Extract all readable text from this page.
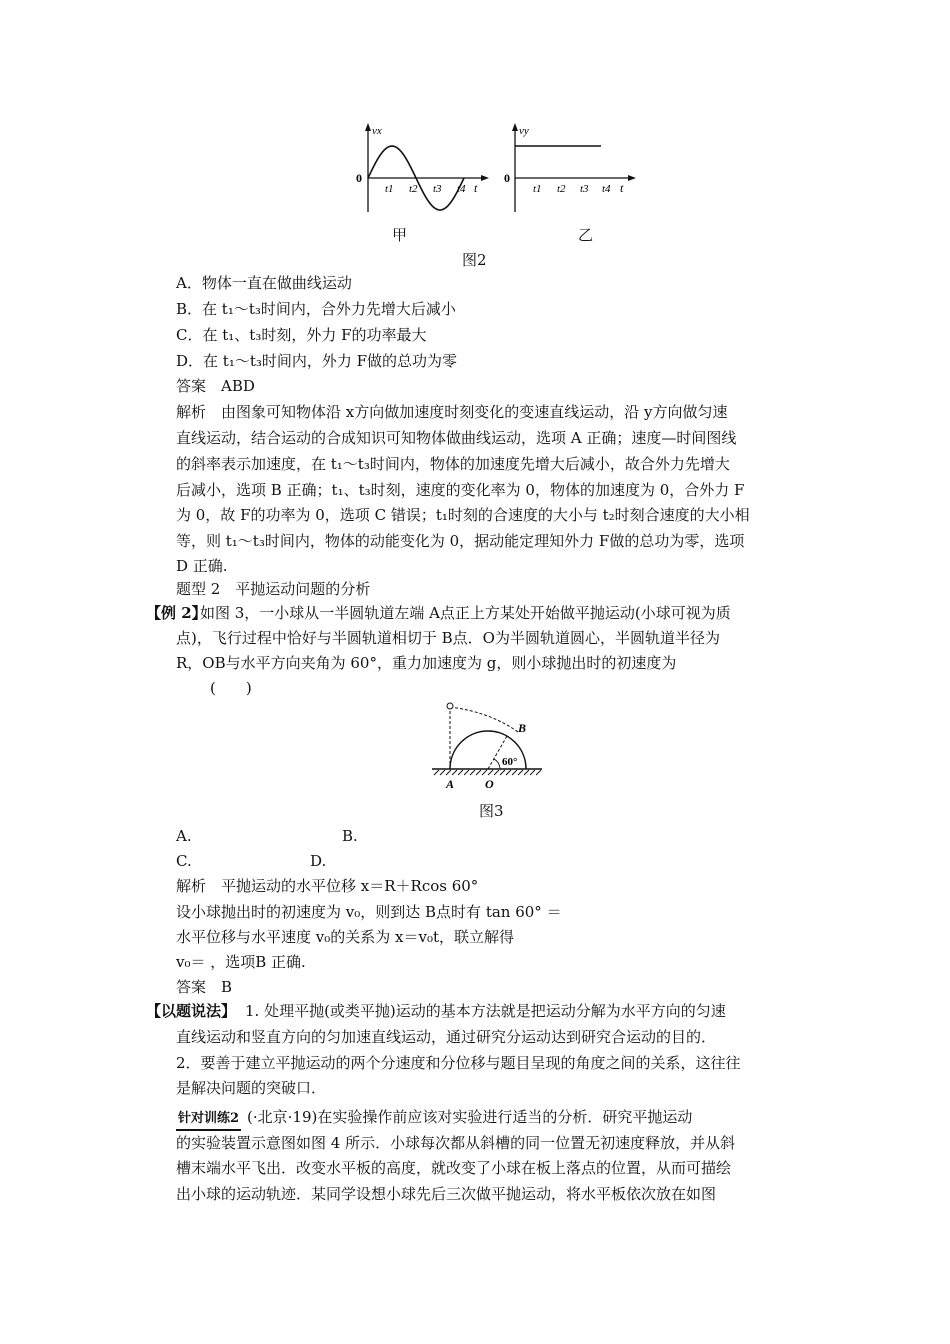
vx
0
t1 t2 t3 t4 t
vy
0
t1 t2 t3 t4 t
甲	乙
图2
A．物体一直在做曲线运动
B．在 t₁～t₃时间内，合外力先增大后减小
C．在 t₁、t₃时刻，外力 F的功率最大
D．在 t₁～t₃时间内，外力 F做的总功为零
答案　ABD
解析　由图象可知物体沿 x方向做加速度时刻变化的变速直线运动，沿 y方向做匀速
直线运动，结合运动的合成知识可知物体做曲线运动，选项 A 正确；速度—时间图线
的斜率表示加速度，在 t₁～t₃时间内，物体的加速度先增大后减小，故合外力先增大
后减小，选项 B 正确；t₁、t₃时刻，速度的变化率为 0，物体的加速度为 0，合外力 F
为 0，故 F的功率为 0，选项 C 错误；t₁时刻的合速度的大小与 t₂时刻合速度的大小相
等，则 t₁～t₃时间内，物体的动能变化为 0，据动能定理知外力 F做的总功为零，选项
D 正确.
题型 2　平抛运动问题的分析
【例 2】
如图 3，一小球从一半圆轨道左端 A点正上方某处开始做平抛运动(小球可视为质
点)，飞行过程中恰好与半圆轨道相切于 B点．O为半圆轨道圆心，半圆轨道半径为
R，OB与水平方向夹角为 60°，重力加速度为 g，则小球抛出时的初速度为
(　　)
B
60°
A	O
图3
A.	B.
C.	D.
解析　平抛运动的水平位移 x＝R＋Rcos 60°
设小球抛出时的初速度为 v₀，则到达 B点时有 tan 60° ＝
水平位移与水平速度 v₀的关系为 x＝v₀t，联立解得
v₀＝ ，选项B 正确.
答案　B
【以题说法】 1. 处理平抛(或类平抛)运动的基本方法就是把运动分解为水平方向的匀速
直线运动和竖直方向的匀加速直线运动，通过研究分运动达到研究合运动的目的．
2．要善于建立平抛运动的两个分速度和分位移与题目呈现的角度之间的关系，这往往
是解决问题的突破口．
针对训练2 (·北京·19)在实验操作前应该对实验进行适当的分析．研究平抛运动
的实验装置示意图如图 4 所示．小球每次都从斜槽的同一位置无初速度释放，并从斜
槽末端水平飞出．改变水平板的高度，就改变了小球在板上落点的位置，从而可描绘
出小球的运动轨迹．某同学设想小球先后三次做平抛运动，将水平板依次放在如图
